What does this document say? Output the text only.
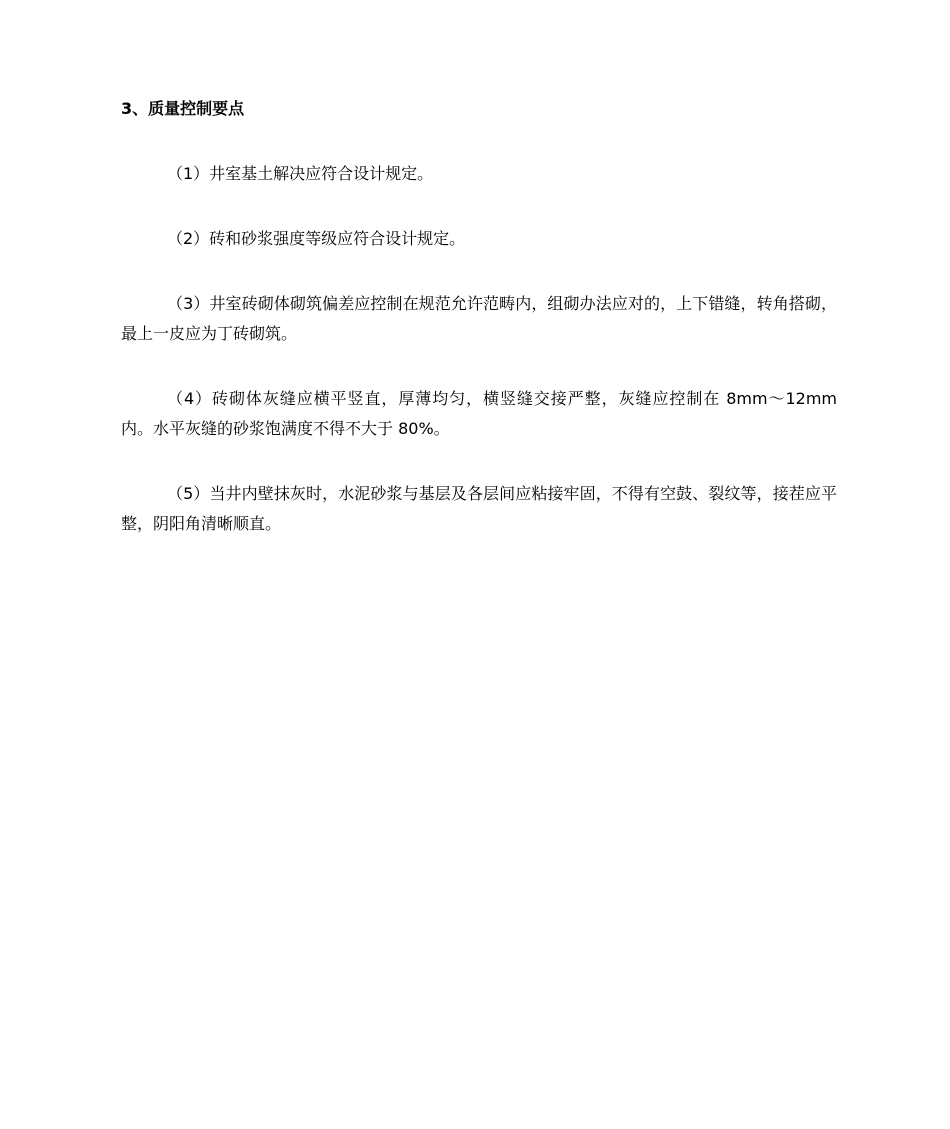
3、质量控制要点

（1）井室基土解决应符合设计规定。

（2）砖和砂浆强度等级应符合设计规定。

（3）井室砖砌体砌筑偏差应控制在规范允许范畴内，组砌办法应对的，上下错缝，转角搭砌，最上一皮应为丁砖砌筑。

（4）砖砌体灰缝应横平竖直，厚薄均匀，横竖缝交接严整，灰缝应控制在 8mm～12mm 内。水平灰缝的砂浆饱满度不得不大于 80%。

（5）当井内壁抹灰时，水泥砂浆与基层及各层间应粘接牢固，不得有空鼓、裂纹等，接茬应平整，阴阳角清晰顺直。
